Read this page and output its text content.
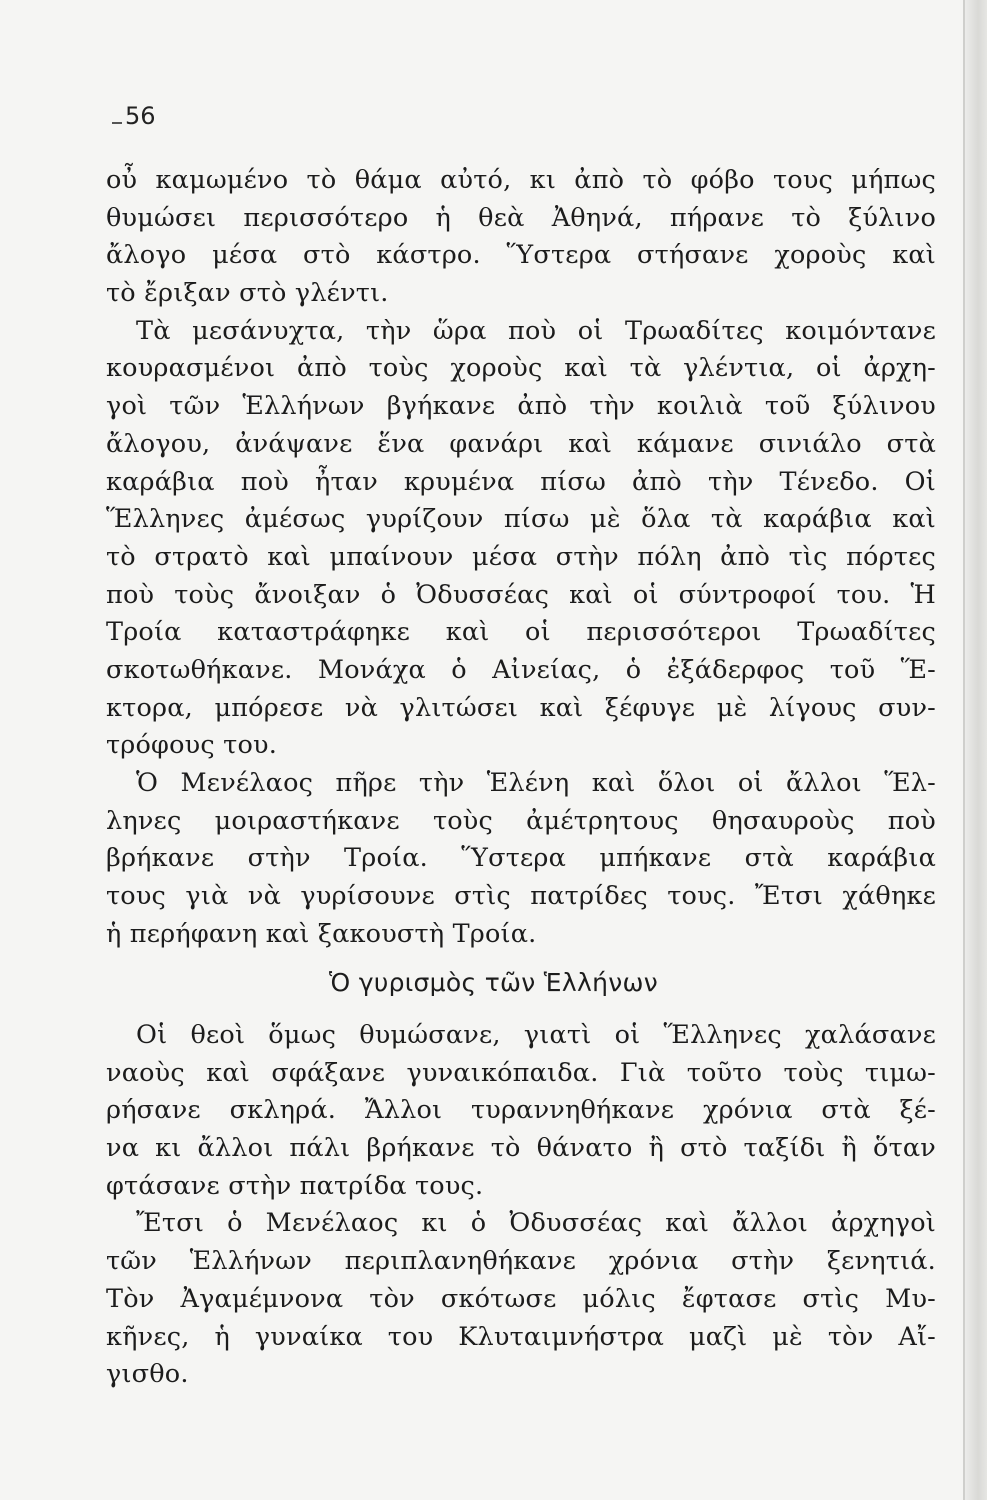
56
οὖ καμωμένο τὸ θάμα αὐτό, κι ἀπὸ τὸ φόβο τους μήπως
θυμώσει περισσότερο ἡ θεὰ Ἀθηνά, πήρανε τὸ ξύλινο
ἄλογο μέσα στὸ κάστρο. Ὕστερα στήσανε χοροὺς καὶ
τὸ ἔριξαν στὸ γλέντι.
Τὰ μεσάνυχτα, τὴν ὥρα ποὺ οἱ Τρωαδίτες κοιμόντανε
κουρασμένοι ἀπὸ τοὺς χοροὺς καὶ τὰ γλέντια, οἱ ἀρχη-
γοὶ τῶν Ἑλλήνων βγήκανε ἀπὸ τὴν κοιλιὰ τοῦ ξύλινου
ἄλογου, ἀνάψανε ἕνα φανάρι καὶ κάμανε σινιάλο στὰ
καράβια ποὺ ἦταν κρυμένα πίσω ἀπὸ τὴν Τένεδο. Οἱ
Ἕλληνες ἀμέσως γυρίζουν πίσω μὲ ὅλα τὰ καράβια καὶ
τὸ στρατὸ καὶ μπαίνουν μέσα στὴν πόλη ἀπὸ τὶς πόρτες
ποὺ τοὺς ἄνοιξαν ὁ Ὀδυσσέας καὶ οἱ σύντροφοί του. Ἡ
Τροία καταστράφηκε καὶ οἱ περισσότεροι Τρωαδίτες
σκοτωθήκανε. Μονάχα ὁ Αἰνείας, ὁ ἐξάδερφος τοῦ Ἕ-
κτορα, μπόρεσε νὰ γλιτώσει καὶ ξέφυγε μὲ λίγους συν-
τρόφους του.
Ὁ Μενέλαος πῆρε τὴν Ἑλένη καὶ ὅλοι οἱ ἄλλοι Ἕλ-
ληνες μοιραστήκανε τοὺς ἀμέτρητους θησαυροὺς ποὺ
βρήκανε στὴν Τροία. Ὕστερα μπήκανε στὰ καράβια
τους γιὰ νὰ γυρίσουνε στὶς πατρίδες τους. Ἔτσι χάθηκε
ἡ περήφανη καὶ ξακουστὴ Τροία.
Ὁ γυρισμὸς τῶν Ἑλλήνων
Οἱ θεοὶ ὅμως θυμώσανε, γιατὶ οἱ Ἕλληνες χαλάσανε
ναοὺς καὶ σφάξανε γυναικόπαιδα. Γιὰ τοῦτο τοὺς τιμω-
ρήσανε σκληρά. Ἄλλοι τυραννηθήκανε χρόνια στὰ ξέ-
να κι ἄλλοι πάλι βρήκανε τὸ θάνατο ἢ στὸ ταξίδι ἢ ὅταν
φτάσανε στὴν πατρίδα τους.
Ἔτσι ὁ Μενέλαος κι ὁ Ὀδυσσέας καὶ ἄλλοι ἀρχηγοὶ
τῶν Ἑλλήνων περιπλανηθήκανε χρόνια στὴν ξενητιά.
Τὸν Ἀγαμέμνονα τὸν σκότωσε μόλις ἔφτασε στὶς Μυ-
κῆνες, ἡ γυναίκα του Κλυταιμνήστρα μαζὶ μὲ τὸν Αἴ-
γισθο.
